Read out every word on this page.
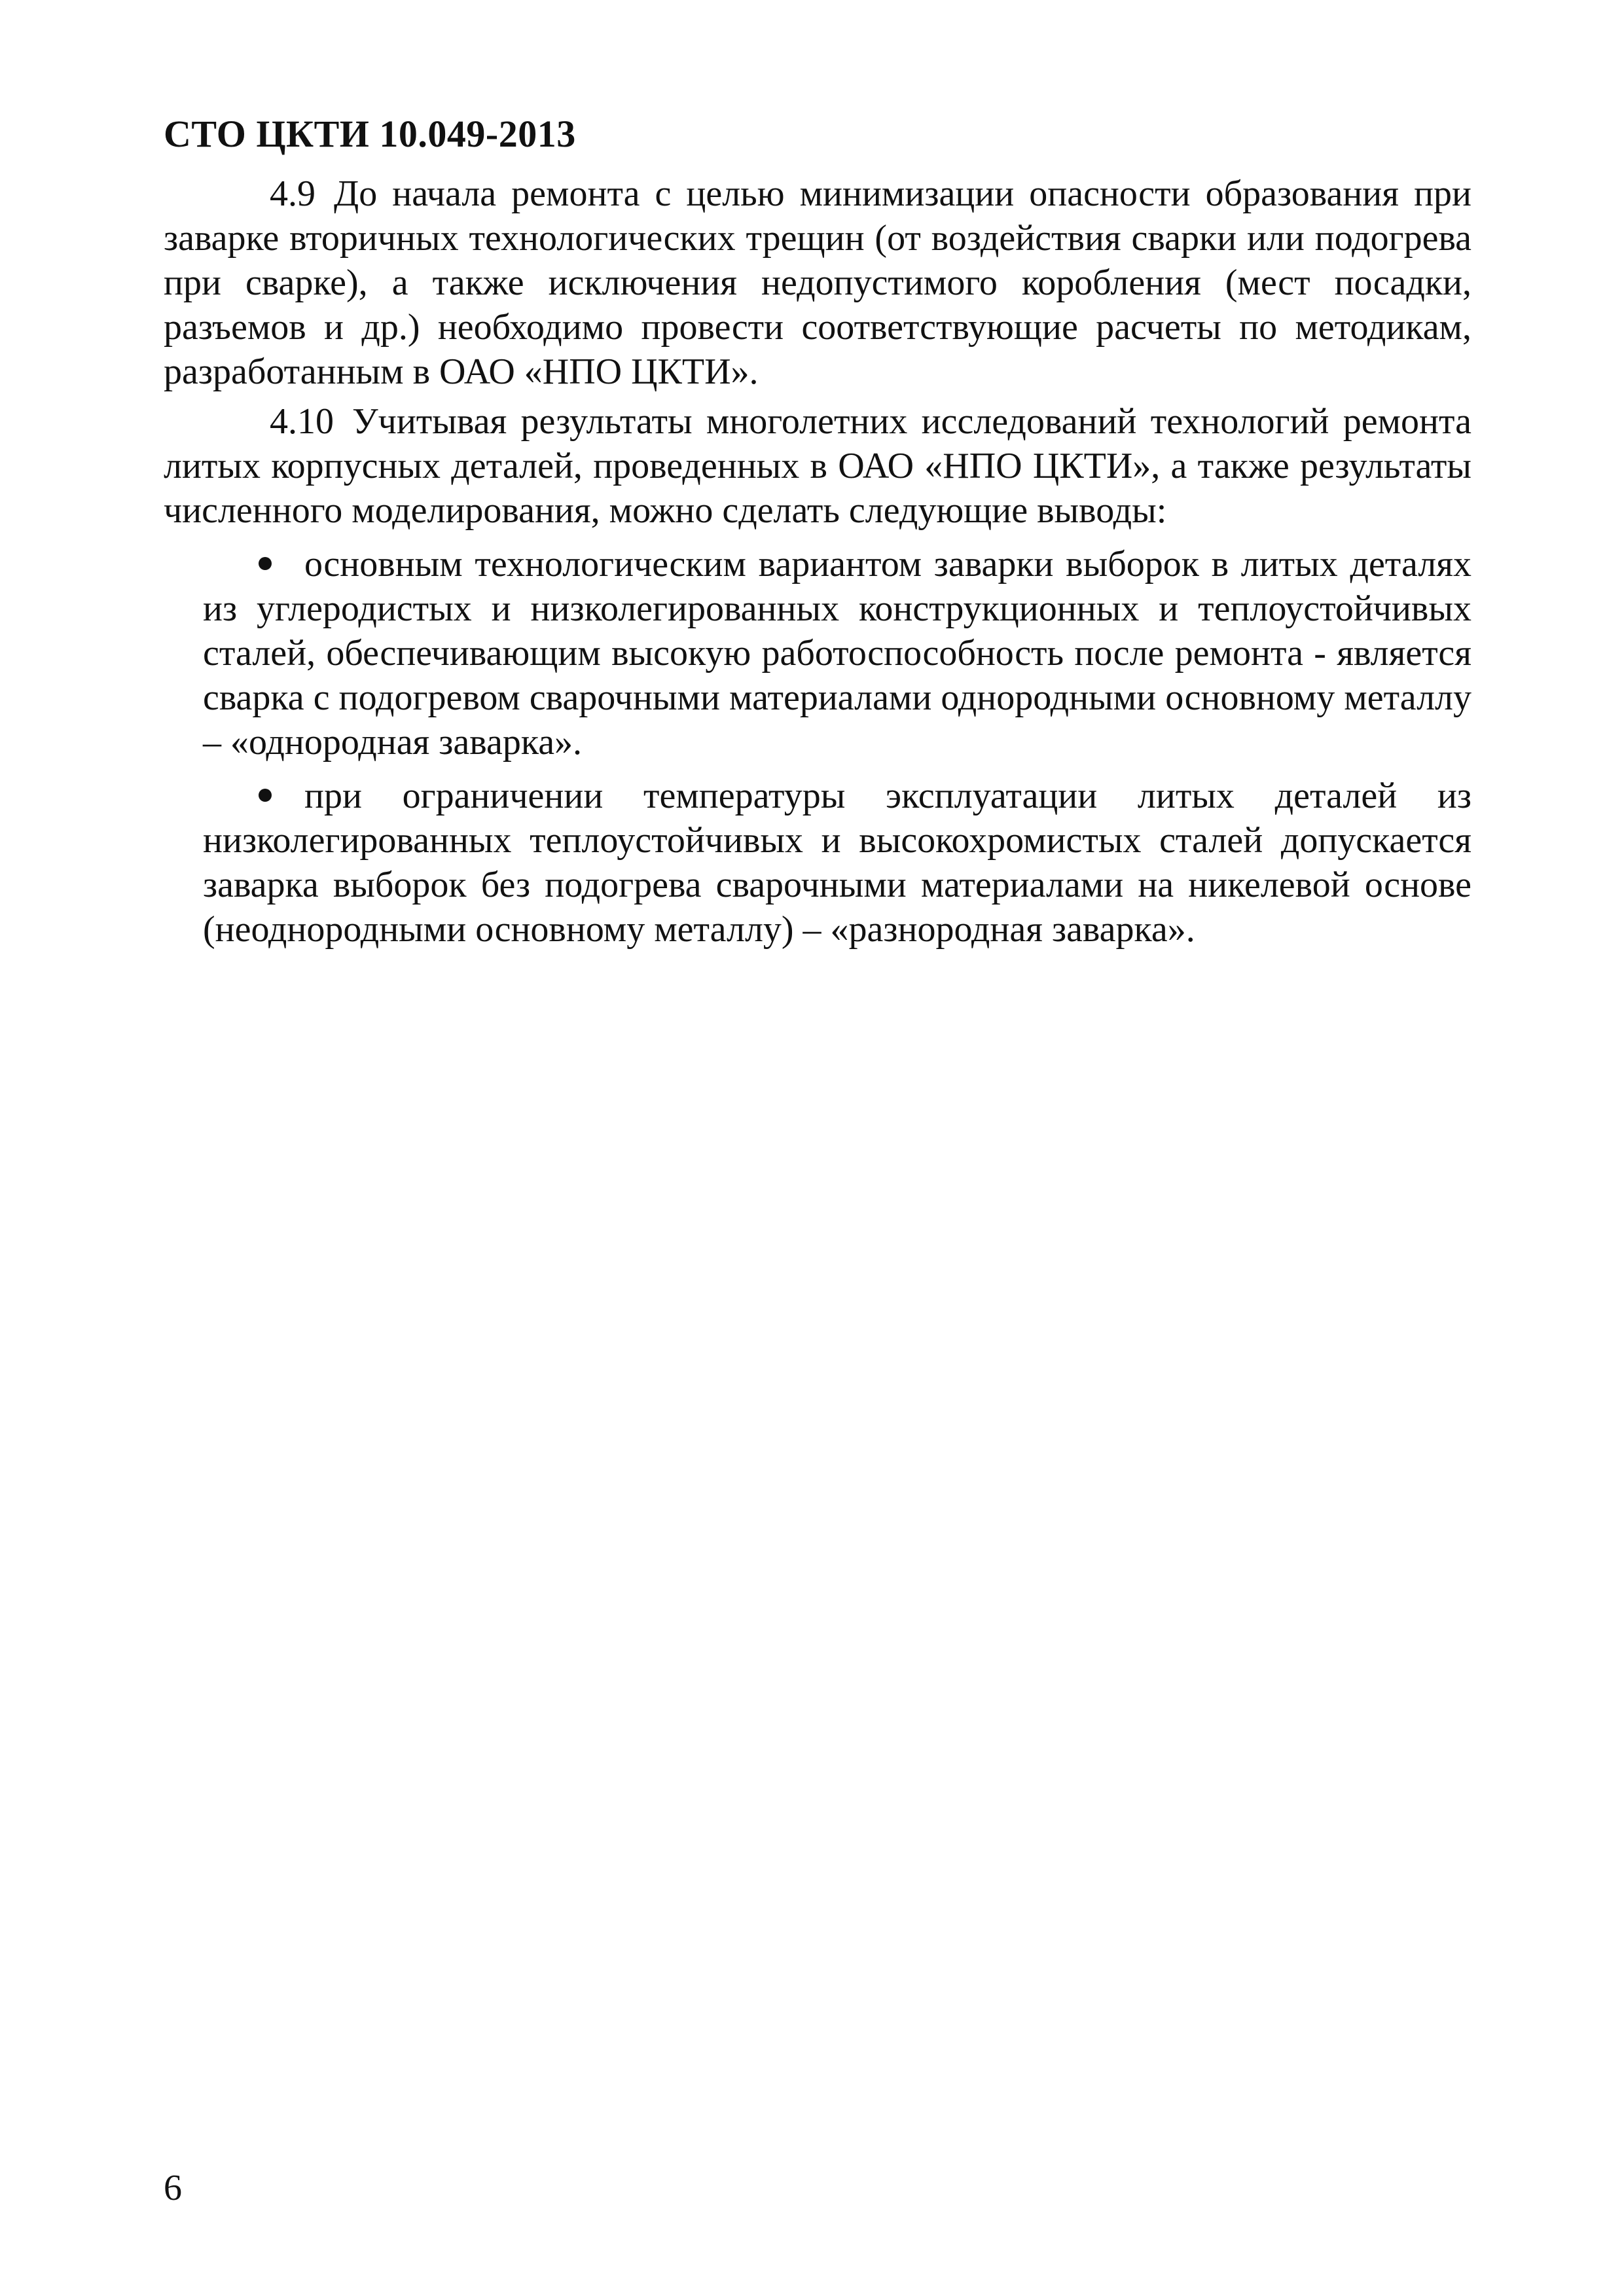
СТО ЦКТИ 10.049-2013

4.9 До начала ремонта с целью минимизации опасности образования при заварке вторичных технологических трещин (от воздействия сварки или подогрева при сварке), а также исключения недопустимого коробления (мест посадки, разъемов и др.) необходимо провести соответствующие расчеты по методикам, разработанным в ОАО «НПО ЦКТИ».

4.10 Учитывая результаты многолетних исследований технологий ремонта литых корпусных деталей, проведенных в ОАО «НПО ЦКТИ», а также результаты численного моделирования, можно сделать следующие выводы:

основным технологическим вариантом заварки выборок в литых деталях из углеродистых и низколегированных конструкционных и теплоустойчивых сталей, обеспечивающим высокую работоспособность после ремонта - является сварка с подогревом сварочными материалами однородными основному металлу – «однородная заварка».
при ограничении температуры эксплуатации литых деталей из низколегированных теплоустойчивых и высокохромистых сталей допускается заварка выборок без подогрева сварочными материалами на никелевой основе (неоднородными основному металлу) – «разнородная заварка».
6
